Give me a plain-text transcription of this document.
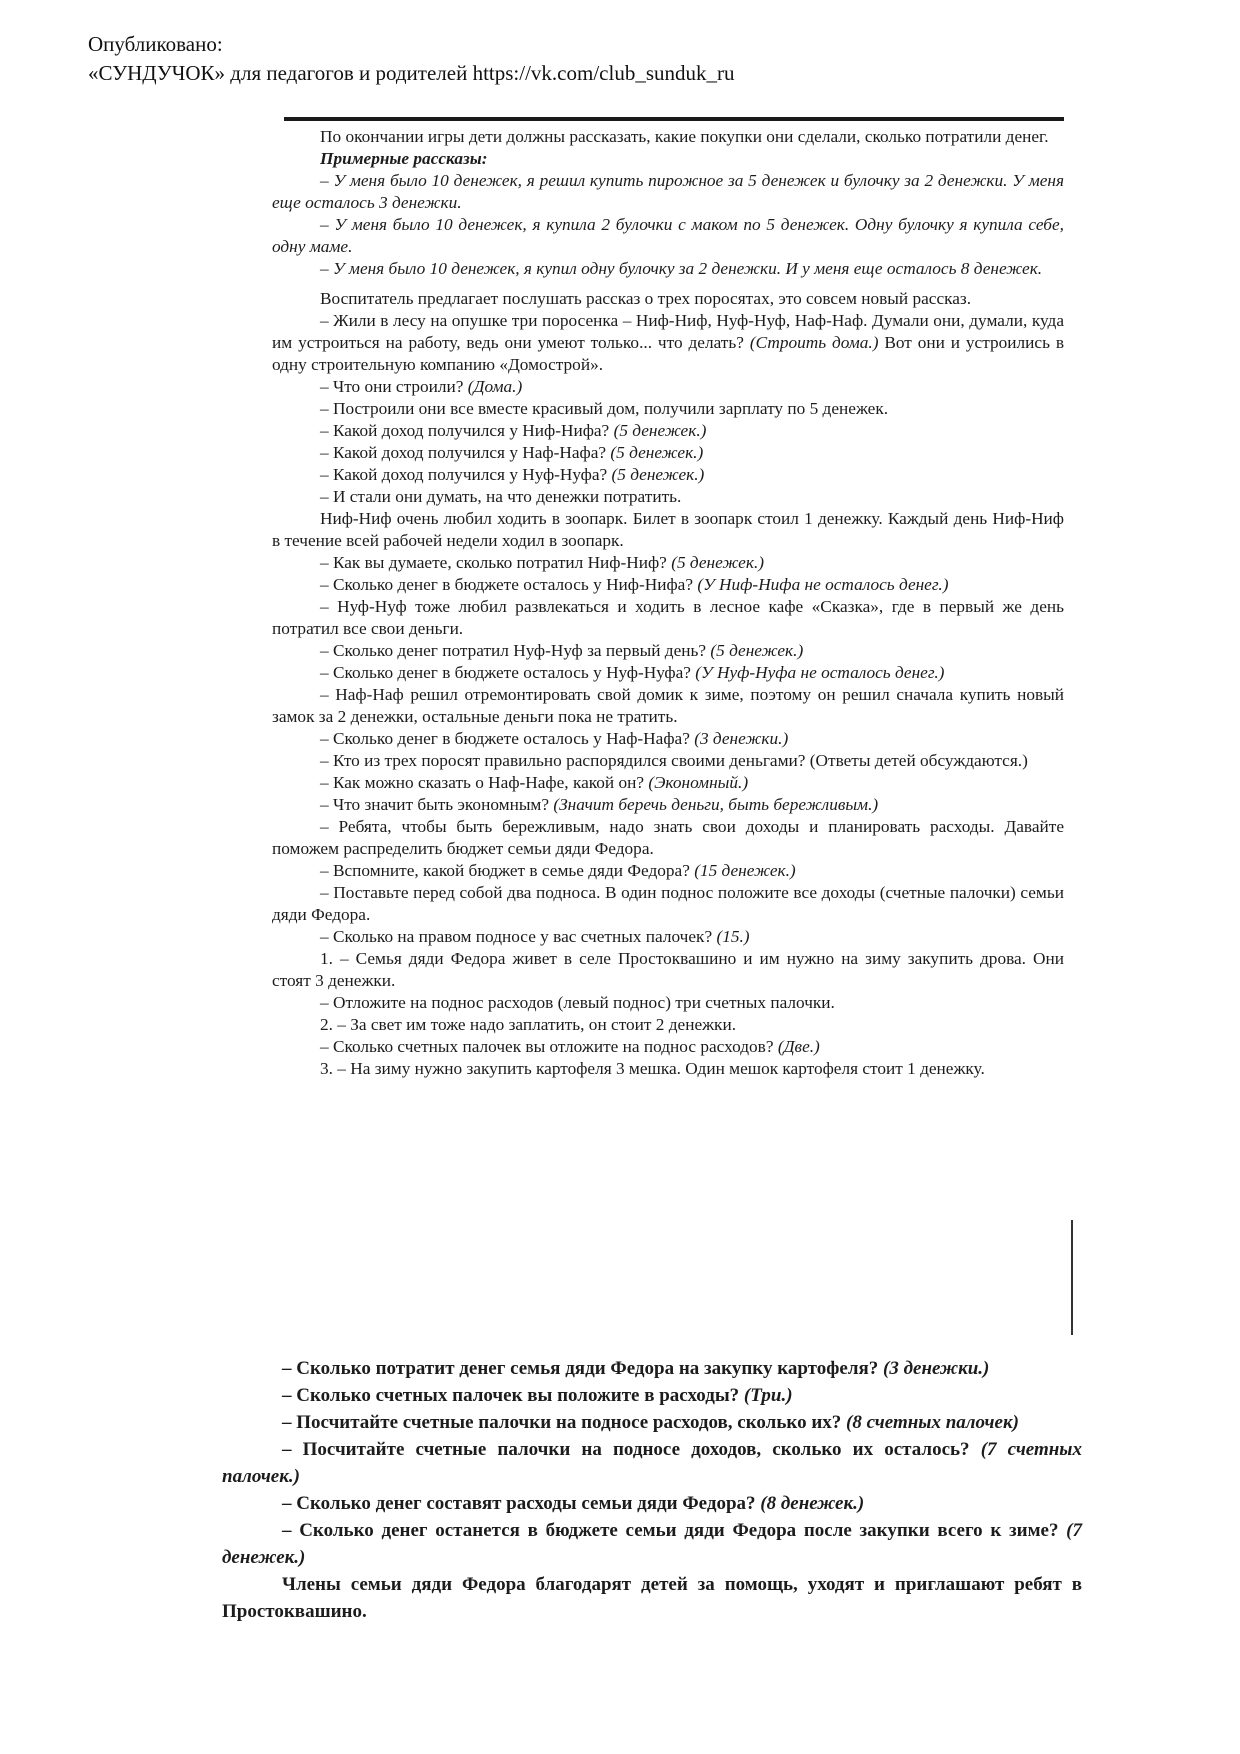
Опубликовано:
«СУНДУЧОК» для педагогов и родителей https://vk.com/club_sunduk_ru

По окончании игры дети должны рассказать, какие покупки они сделали, сколько потратили денег.

Примерные рассказы:

– У меня было 10 денежек, я решил купить пирожное за 5 денежек и булочку за 2 денежки. У меня еще осталось 3 денежки.

– У меня было 10 денежек, я купила 2 булочки с маком по 5 денежек. Одну булочку я купила себе, одну маме.

– У меня было 10 денежек, я купил одну булочку за 2 денежки. И у меня еще осталось 8 денежек.

Воспитатель предлагает послушать рассказ о трех поросятах, это совсем новый рассказ.

– Жили в лесу на опушке три поросенка – Ниф-Ниф, Нуф-Нуф, Наф-Наф. Думали они, думали, куда им устроиться на работу, ведь они умеют только... что делать? (Строить дома.) Вот они и устроились в одну строительную компанию «Домострой».

– Что они строили? (Дома.)

– Построили они все вместе красивый дом, получили зарплату по 5 денежек.

– Какой доход получился у Ниф-Нифа? (5 денежек.)

– Какой доход получился у Наф-Нафа? (5 денежек.)

– Какой доход получился у Нуф-Нуфа? (5 денежек.)

– И стали они думать, на что денежки потратить.

Ниф-Ниф очень любил ходить в зоопарк. Билет в зоопарк стоил 1 денежку. Каждый день Ниф-Ниф в течение всей рабочей недели ходил в зоопарк.

– Как вы думаете, сколько потратил Ниф-Ниф? (5 денежек.)

– Сколько денег в бюджете осталось у Ниф-Нифа? (У Ниф-Нифа не осталось денег.)

– Нуф-Нуф тоже любил развлекаться и ходить в лесное кафе «Сказка», где в первый же день потратил все свои деньги.

– Сколько денег потратил Нуф-Нуф за первый день? (5 денежек.)

– Сколько денег в бюджете осталось у Нуф-Нуфа? (У Нуф-Нуфа не осталось денег.)

– Наф-Наф решил отремонтировать свой домик к зиме, поэтому он решил сначала купить новый замок за 2 денежки, остальные деньги пока не тратить.

– Сколько денег в бюджете осталось у Наф-Нафа? (3 денежки.)

– Кто из трех поросят правильно распорядился своими деньгами? (Ответы детей обсуждаются.)

– Как можно сказать о Наф-Нафе, какой он? (Экономный.)

– Что значит быть экономным? (Значит беречь деньги, быть бережливым.)

– Ребята, чтобы быть бережливым, надо знать свои доходы и планировать расходы. Давайте поможем распределить бюджет семьи дяди Федора.

– Вспомните, какой бюджет в семье дяди Федора? (15 денежек.)

– Поставьте перед собой два подноса. В один поднос положите все доходы (счетные палочки) семьи дяди Федора.

– Сколько на правом подносе у вас счетных палочек? (15.)

1. – Семья дяди Федора живет в селе Простоквашино и им нужно на зиму закупить дрова. Они стоят 3 денежки.

– Отложите на поднос расходов (левый поднос) три счетных палочки.

2. – За свет им тоже надо заплатить, он стоит 2 денежки.

– Сколько счетных палочек вы отложите на поднос расходов? (Две.)

3. – На зиму нужно закупить картофеля 3 мешка. Один мешок картофеля стоит 1 денежку.

– Сколько потратит денег семья дяди Федора на закупку картофеля? (3 денежки.)

– Сколько счетных палочек вы положите в расходы? (Три.)

– Посчитайте счетные палочки на подносе расходов, сколько их? (8 счетных палочек)

– Посчитайте счетные палочки на подносе доходов, сколько их осталось? (7 счетных палочек.)

– Сколько денег составят расходы семьи дяди Федора? (8 денежек.)

– Сколько денег останется в бюджете семьи дяди Федора после закупки всего к зиме? (7 денежек.)

Члены семьи дяди Федора благодарят детей за помощь, уходят и приглашают ребят в Простоквашино.
